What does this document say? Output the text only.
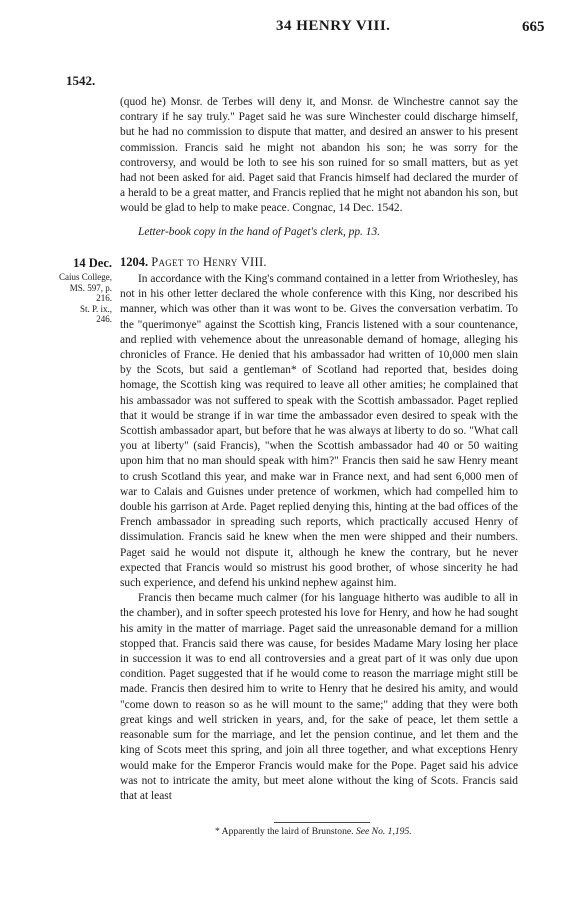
34 HENRY VIII.	665
1542.

(quod he) Monsr. de Terbes will deny it, and Monsr. de Winchestre cannot say the contrary if he say truly." Paget said he was sure Winchester could discharge himself, but he had no commission to dispute that matter, and desired an answer to his present commission. Francis said he might not abandon his son; he was sorry for the controversy, and would be loth to see his son ruined for so small matters, but as yet had not been asked for aid. Paget said that Francis himself had declared the murder of a herald to be a great matter, and Francis replied that he might not abandon his son, but would be glad to help to make peace. Congnac, 14 Dec. 1542.

Letter-book copy in the hand of Paget's clerk, pp. 13.
14 Dec.
Caius College,
MS. 597, p.
216.
St. P. ix.,
246.
1204. Paget to Henry VIII.

In accordance with the King's command contained in a letter from Wriothesley, has not in his other letter declared the whole conference with this King, nor described his manner, which was other than it was wont to be. Gives the conversation verbatim. To the "querimonye" against the Scottish king, Francis listened with a sour countenance, and replied with vehemence about the unreasonable demand of homage, alleging his chronicles of France. He denied that his ambassador had written of 10,000 men slain by the Scots, but said a gentleman* of Scotland had reported that, besides doing homage, the Scottish king was required to leave all other amities; he complained that his ambassador was not suffered to speak with the Scottish ambassador. Paget replied that it would be strange if in war time the ambassador even desired to speak with the Scottish ambassador apart, but before that he was always at liberty to do so. "What call you at liberty" (said Francis), "when the Scottish ambassador had 40 or 50 waiting upon him that no man should speak with him?" Francis then said he saw Henry meant to crush Scotland this year, and make war in France next, and had sent 6,000 men of war to Calais and Guisnes under pretence of workmen, which had compelled him to double his garrison at Arde. Paget replied denying this, hinting at the bad offices of the French ambassador in spreading such reports, which practically accused Henry of dissimulation. Francis said he knew when the men were shipped and their numbers. Paget said he would not dispute it, although he knew the contrary, but he never expected that Francis would so mistrust his good brother, of whose sincerity he had such experience, and defend his unkind nephew against him.

Francis then became much calmer (for his language hitherto was audible to all in the chamber), and in softer speech protested his love for Henry, and how he had sought his amity in the matter of marriage. Paget said the unreasonable demand for a million stopped that. Francis said there was cause, for besides Madame Mary losing her place in succession it was to end all controversies and a great part of it was only due upon condition. Paget suggested that if he would come to reason the marriage might still be made. Francis then desired him to write to Henry that he desired his amity, and would "come down to reason so as he will mount to the same;" adding that they were both great kings and well stricken in years, and, for the sake of peace, let them settle a reasonable sum for the marriage, and let the pension continue, and let them and the king of Scots meet this spring, and join all three together, and what exceptions Henry would make for the Emperor Francis would make for the Pope. Paget said his advice was not to intricate the amity, but meet alone without the king of Scots. Francis said that at least

* Apparently the laird of Brunstone. See No. 1,195.
